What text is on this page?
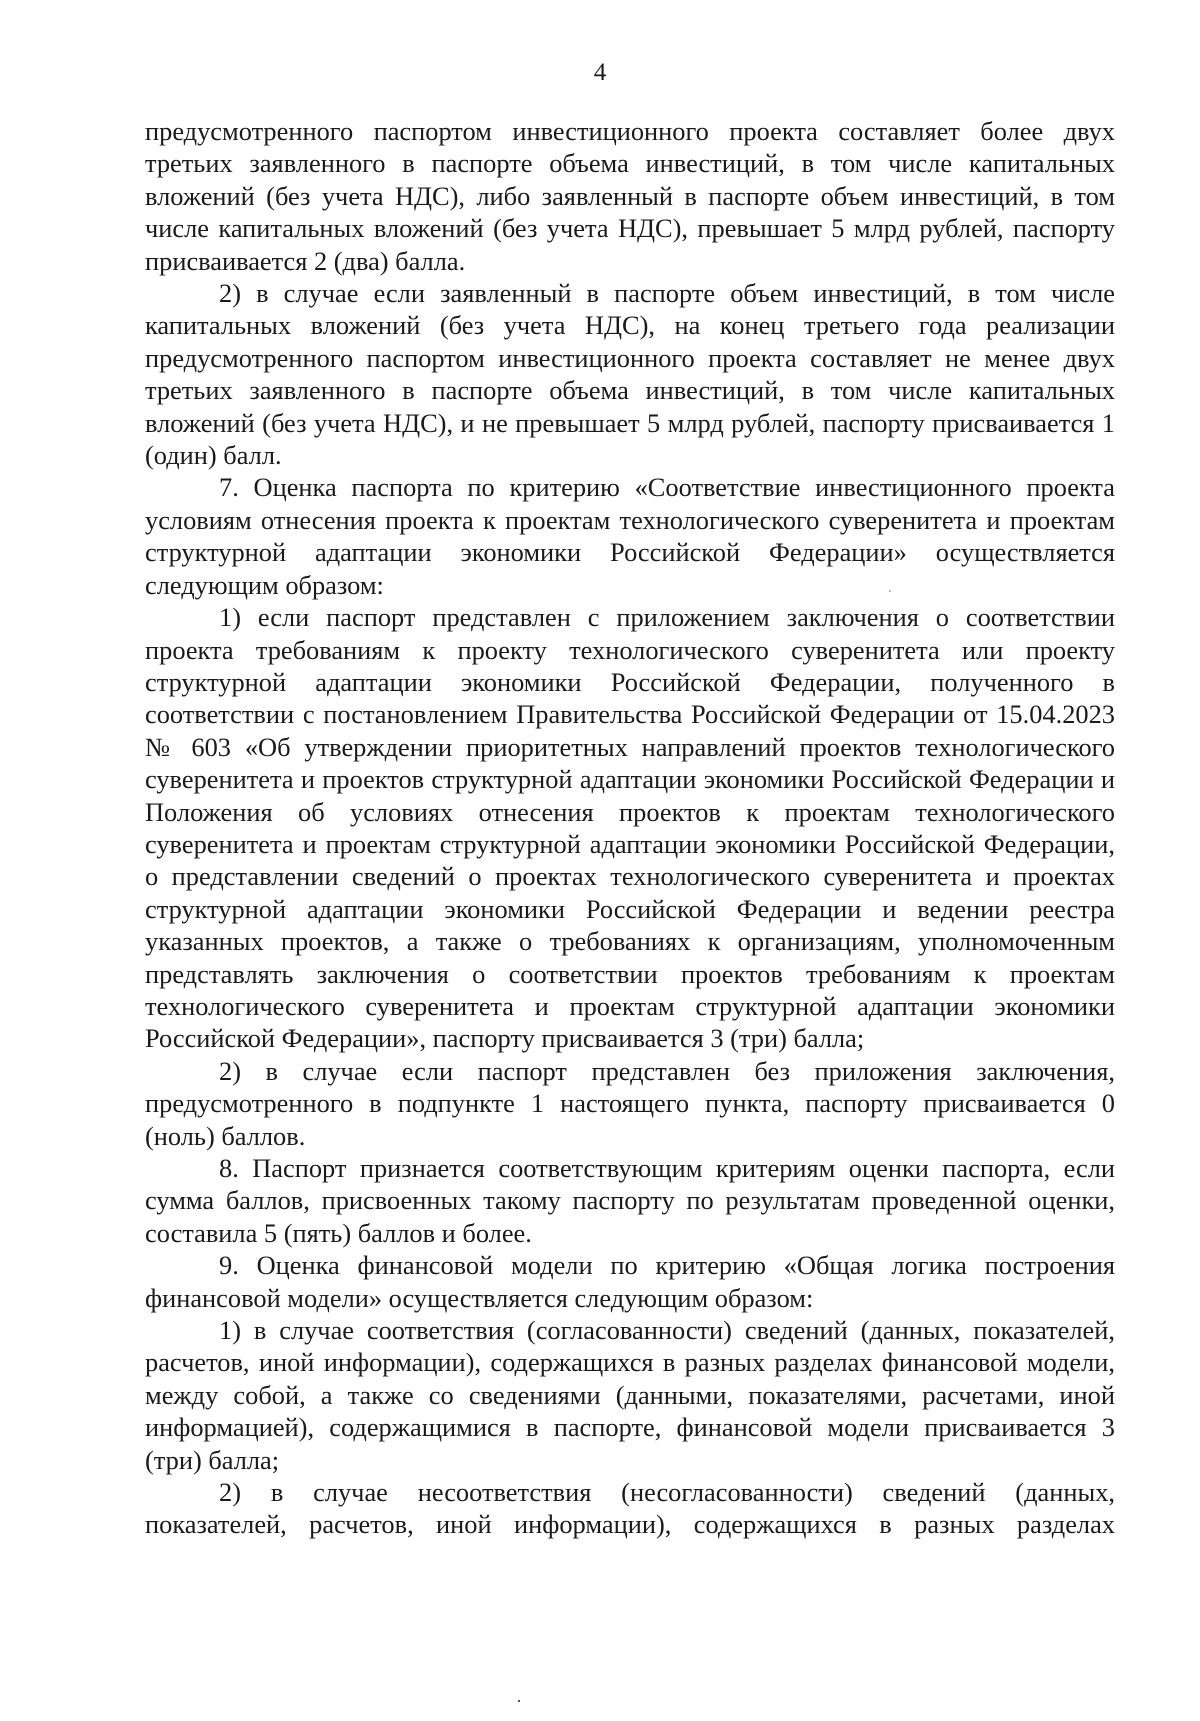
4

предусмотренного паспортом инвестиционного проекта составляет более двух третьих заявленного в паспорте объема инвестиций, в том числе капитальных вложений (без учета НДС), либо заявленный в паспорте объем инвестиций, в том числе капитальных вложений (без учета НДС), превышает 5 млрд рублей, паспорту присваивается 2 (два) балла.

2) в случае если заявленный в паспорте объем инвестиций, в том числе капитальных вложений (без учета НДС), на конец третьего года реализации предусмотренного паспортом инвестиционного проекта составляет не менее двух третьих заявленного в паспорте объема инвестиций, в том числе капитальных вложений (без учета НДС), и не превышает 5 млрд рублей, паспорту присваивается 1 (один) балл.

7. Оценка паспорта по критерию «Соответствие инвестиционного проекта условиям отнесения проекта к проектам технологического суверенитета и проектам структурной адаптации экономики Российской Федерации» осуществляется следующим образом:

1) если паспорт представлен с приложением заключения о соответствии проекта требованиям к проекту технологического суверенитета или проекту структурной адаптации экономики Российской Федерации, полученного в соответствии с постановлением Правительства Российской Федерации от 15.04.2023 № 603 «Об утверждении приоритетных направлений проектов технологического суверенитета и проектов структурной адаптации экономики Российской Федерации и Положения об условиях отнесения проектов к проектам технологического суверенитета и проектам структурной адаптации экономики Российской Федерации, о представлении сведений о проектах технологического суверенитета и проектах структурной адаптации экономики Российской Федерации и ведении реестра указанных проектов, а также о требованиях к организациям, уполномоченным представлять заключения о соответствии проектов требованиям к проектам технологического суверенитета и проектам структурной адаптации экономики Российской Федерации», паспорту присваивается 3 (три) балла;

2) в случае если паспорт представлен без приложения заключения, предусмотренного в подпункте 1 настоящего пункта, паспорту присваивается 0 (ноль) баллов.

8. Паспорт признается соответствующим критериям оценки паспорта, если сумма баллов, присвоенных такому паспорту по результатам проведенной оценки, составила 5 (пять) баллов и более.

9. Оценка финансовой модели по критерию «Общая логика построения финансовой модели» осуществляется следующим образом:

1) в случае соответствия (согласованности) сведений (данных, показателей, расчетов, иной информации), содержащихся в разных разделах финансовой модели, между собой, а также со сведениями (данными, показателями, расчетами, иной информацией), содержащимися в паспорте, финансовой модели присваивается 3 (три) балла;

2) в случае несоответствия (несогласованности) сведений (данных, показателей, расчетов, иной информации), содержащихся в разных разделах
